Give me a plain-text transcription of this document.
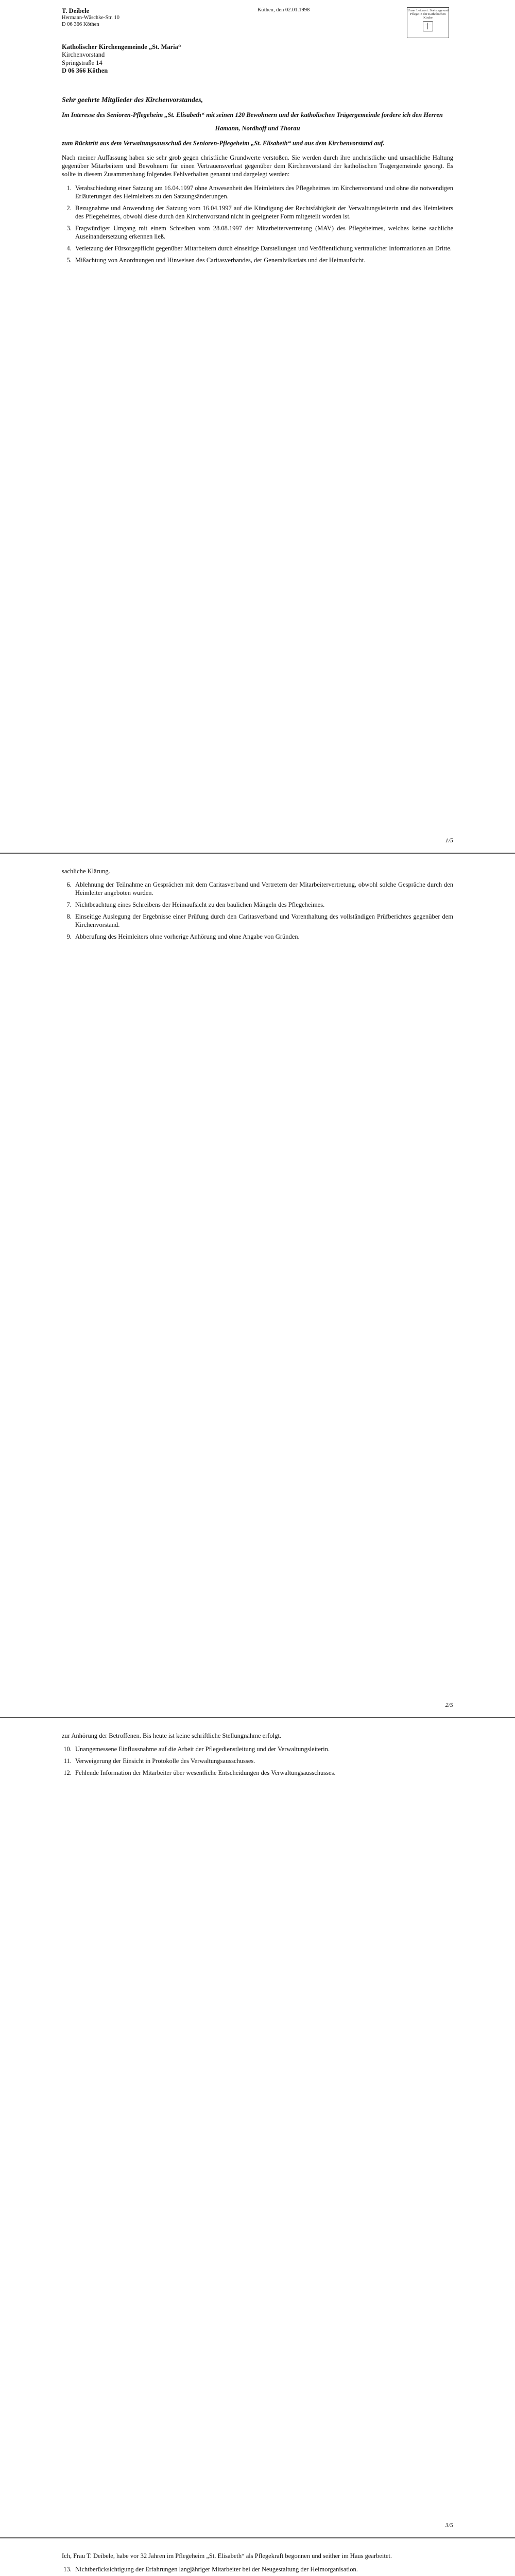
T. Deibele
Hermann-Wäschke-Str. 10
D 06 366 Köthen
Köthen, den 02.01.1998	Unser Leitwort: Seelsorge und Pflege in der Katholischen Kirche
Katholischer Kirchengemeinde „St. Maria“
Kirchenvorstand
Springstraße 14
D 06 366 Köthen
Sehr geehrte Mitglieder des Kirchenvorstandes,

Im Interesse des Senioren-Pflegeheim „St. Elisabeth“ mit seinen 120 Bewohnern und der katholischen Trägergemeinde fordere ich den Herren

Hamann, Nordhoff und Thorau

zum Rücktritt aus dem Verwaltungsausschuß des Senioren-Pflegeheim „St. Elisabeth“ und aus dem Kirchenvorstand auf.

Nach meiner Auffassung haben sie sehr grob gegen christliche Grundwerte verstoßen. Sie werden durch ihre unchristliche und unsachliche Haltung gegenüber Mitarbeitern und Bewohnern für einen Vertrauensverlust gegenüber dem Kirchenvorstand der katholischen Trägergemeinde gesorgt. Es sollte in diesem Zusammenhang folgendes Fehlverhalten genannt und dargelegt werden:

1. Verabschiedung einer Satzung am 16.04.1997 ohne Anwesenheit des Heimleiters des Pflegeheimes im Kirchenvorstand und ohne die notwendigen Erläuterungen des Heimleiters zu den Satzungsänderungen.
2. Bezugnahme und Anwendung der Satzung vom 16.04.1997 auf die Kündigung der Rechtsfähigkeit der Verwaltungsleiterin und des Heimleiters des Pflegeheimes, obwohl diese durch den Kirchenvorstand nicht in geeigneter Form mitgeteilt worden ist.
3. Fragwürdiger Umgang mit einem Schreiben vom 28.08.1997 der Mitarbeitervertretung (MAV) des Pflegeheimes, welches keine sachliche Auseinandersetzung erkennen ließ.
4. Verletzung der Fürsorgepflicht gegenüber Mitarbeitern durch einseitige Darstellungen und Veröffentlichung vertraulicher Informationen an Dritte.
5. Mißachtung von Anordnungen und Hinweisen des Caritasverbandes, der Generalvikariats und der Heimaufsicht.
1/5

sachliche Klärung.

6. Ablehnung der Teilnahme an Gesprächen mit dem Caritasverband und Vertretern der Mitarbeitervertretung, obwohl solche Gespräche durch den Heimleiter angeboten wurden.
7. Nichtbeachtung eines Schreibens der Heimaufsicht zu den baulichen Mängeln des Pflegeheimes.
8. Einseitige Auslegung der Ergebnisse einer Prüfung durch den Caritasverband und Vorenthaltung des vollständigen Prüfberichtes gegenüber dem Kirchenvorstand.
9. Abberufung des Heimleiters ohne vorherige Anhörung und ohne Angabe von Gründen.
2/5

zur Anhörung der Betroffenen. Bis heute ist keine schriftliche Stellungnahme erfolgt.

10. Unangemessene Einflussnahme auf die Arbeit der Pflegedienstleitung und der Verwaltungsleiterin.
11. Verweigerung der Einsicht in Protokolle des Verwaltungsausschusses.
12. Fehlende Information der Mitarbeiter über wesentliche Entscheidungen des Verwaltungsausschusses.
3/5

Ich, Frau T. Deibele, habe vor 32 Jahren im Pflegeheim „St. Elisabeth“ als Pflegekraft begonnen und seither im Haus gearbeitet.

13. Nichtberücksichtigung der Erfahrungen langjähriger Mitarbeiter bei der Neugestaltung der Heimorganisation.
